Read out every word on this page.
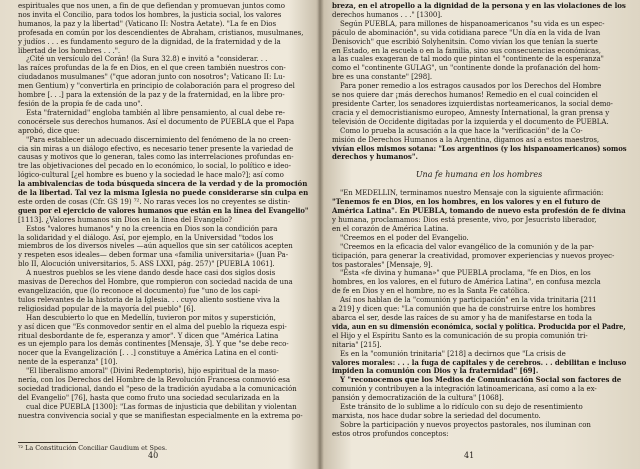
espirituales que nos unen, a fin de que defiendan y promuevan juntos como
nos invita el Concilio, para todos los hombres, la justicia social, los valores
humanos, la paz y la libertad" (Vaticano II: Nostra Aetate). "La fe en Dios
profesada en común por los descendientes de Abraham, cristianos, musulmanes,
y judíos . . . es fundamento seguro de la dignidad, de la fraternidad y de la
libertad de los hombres . . .".
¿Cité un versículo del Corán! (la Sura 32.8) e invitó a "considerar. . .
las raíces profundas de la fe en Dios, en el que creen también nuestros con-
ciudadanos musulmanes" ("que adoran junto con nosotros"; Vaticano II: Lu-
men Gentium) y "convertirla en principio de colaboración para el progreso del
hombre [. . .] para la extensión de la paz y de la fraternidad, en la libre pro-
fesión de la propia fe de cada uno".
Esta "fraternidad" engloba también al libre pensamiento, al cual debe re-
conocérsele sus derechos humanos. Así el documento de PUEBLA que el Papa
aprobó, dice que:
"Para establecer un adecuado discernimiento del fenómeno de la no creen-
cia sin miras a un diálogo efectivo, es necesario tener presente la variedad de
causas y motivos que lo generan, tales como las interrelaciones profundas en-
tre las objetivaciones del pecado en lo económico, lo social, lo político e ideo-
lógico-cultural [¿el hombre es bueno y la sociedad le hace malo?]; así como
la ambivalencias de toda búsqueda sincera de la verdad y de la promoción
de la libertad. Tal vez la misma Iglesia no puede considerarse sin culpa en
este orden de cosas (Cfr. GS 19) ⁷². No raras veces los no creyentes se distin-
guen por el ejercicio de valores humanos que están en la línea del Evangelio"
[1113]. ¿Valores humanos sin Dios en la línea del Evangelio?
Estos "valores humanos" y no la creencia en Dios son la condición para
la solidaridad y el diálogo. Así, por ejemplo, en la Universidad "todos los
miembros de los diversos niveles —aún aquellos que sin ser católicos acepten
y respeten esos ideales— deben formar una «familia universitaria» (Juan Pa-
blo II, Alocución universitarios, 5. ASS LXXI, pág. 257)" [PUEBLA 1061].
A nuestros pueblos se les viene dando desde hace casi dos siglos dosis
masivas de Derechos del Hombre, que rompieron con sociedad nacida de una
evangelización, que (lo reconoce el documento) fue "uno de los capi-
tulos relevantes de la historia de la Iglesia. . . cuyo aliento sostiene viva la
religiosidad popular de la mayoría del pueblo" [6].
Han descubierto lo que en Medellín, tuvieron por mitos y superstición,
y así dicen que "Es conmovedor sentir en el alma del pueblo la riqueza espi-
ritual desbordante de fe, esperanza y amor". Y dicen que "América Latina
es un ejemplo para los demás continentes [Mensaje, 3]. Y que "se debe reco-
nocer que la Evangelización [. . .] constituye a América Latina en el conti-
nente de la esperanza" [10].
"El liberalismo amoral" (Divini Redemptoris), hijo espiritual de la maso-
nería, con los Derechos del Hombre de la Revolución Francesa conmovió esa
sociedad tradicional, dando el "peso de la tradición ayudaba a la comunicación
del Evangelio" [76], hasta que como fruto una sociedad secularizada en la
cual dice PUEBLA [1300]: "Las formas de injusticia que debilitan y violentan
nuestra convivencia social y que se manifiestan especialmente en la extrema po-
⁷² La Constitución Conciliar Gaudium et Spes.
40
breza, en el atropello a la dignidad de la persona y en las violaciones de los
derechos humanos . . ." [1300].
Según PUEBLA, para millones de hispanoamericanos "su vida es un espec-
páculo de abominación", su vida cotidiana parece "Un día en la vida de Ivan
Denisovich" que escribió Solyhenitsin. Como vivían los que tenían la suerte
en Estado, en la escuela o en la familia, sino sus consecuencias económicas,
a las cuales exageran de tal modo que pintan el "continente de la esperanza"
como el "continente GULAG", un "continente donde la profanación del hom-
bre es una constante" [298].
Para poner remedio a los estragos causados por los Derechos del Hombre
se nos quiere dar ¡más derechos humanos! Remedio en el cual coinciden el
presidente Carter, los senadores izquierdistas norteamericanos, la social demo-
cracia y el democristianismo europeo, Amnesty International, la gran prensa y
televisión de Occidente digitadas por la izquierda y el documento de PUEBLA.
Como lo prueba la acusación a la que hace la "verificación" de la Co-
misión de Derechos Humanos a la Argentina, digamos así a estos maestros,
vivían ellos mismos sotana: "Los argentinos (y los hispanoamericanos) somos
derechos y humanos".
Una fe humana en los hombres
"En MEDELLIN, terminamos nuestro Mensaje con la siguiente afirmación:
"Tenemos fe en Dios, en los hombres, en los valores y en el futuro de
América Latina". En PUEBLA, tomando de nuevo esta profesión de fe divina
y humana, proclamamos: Dios está presente, vivo, por Jesucristo liberador,
en el corazón de América Latina.
"Creemos en el poder del Evangelio.
"Creemos en la eficacia del valor evangélico de la comunión y de la par-
ticipación, para generar la creatividad, promover experiencias y nuevos proyec-
tos pastorales" [Mensaje, 9].
"Esta «fe divina y humana»" que PUEBLA proclama, "fe en Dios, en los
hombres, en los valores, en el futuro de América Latina", en confusa mezcla
de fe en Dios y en el hombre, no es la Santa Fe católica.
Así nos hablan de la "comunión y participación" en la vida trinitaria [211
a 219] y dicen que: "La comunión que ha de construirse entre los hombres
abarca el ser, desde las raíces de su amor y ha de manifestarse en toda la
vida, aun en su dimensión económica, social y política. Producida por el Padre,
el Hijo y el Espíritu Santo es la comunicación de su propia comunión tri-
nitaria" [215].
Es en la "comunión trinitaria" [218] a decirnos que "La crisis de
valores morales: . . . la fuga de capitales y de cerebros. . . debilitan e incluso
impiden la comunión con Dios y la fraternidad" [69].
Y "reconocemos que los Medios de Comunicación Social son factores de
comunión y contribuyen a la integración latinoamericana, así como a la ex-
pansión y democratización de la cultura" [1068].
Este tránsito de lo sublime a lo ridículo con su dejo de resentimiento
marxista, nos hace dudar sobre la seriedad del documento.
Sobre la participación y nuevos proyectos pastorales, nos iluminan con
estos otros profundos conceptos:
41
